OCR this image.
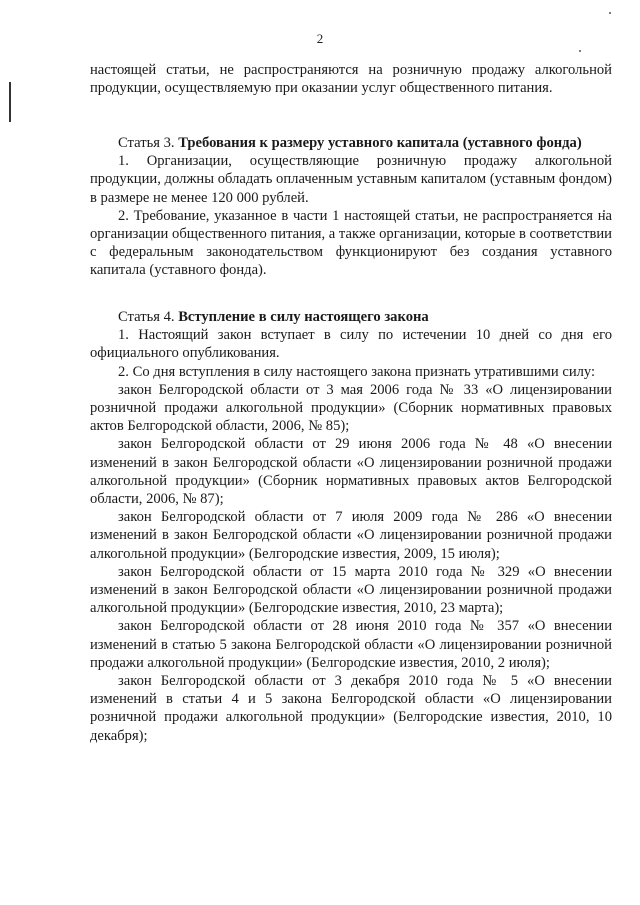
2

настоящей статьи, не распространяются на розничную продажу алкогольной продукции, осуществляемую при оказании услуг общественного питания.

Статья 3. Требования к размеру уставного капитала (уставного фонда)

1. Организации, осуществляющие розничную продажу алкогольной продукции, должны обладать оплаченным уставным капиталом (уставным фондом) в размере не менее 120 000 рублей.

2. Требование, указанное в части 1 настоящей статьи, не распространяется на организации общественного питания, а также организации, которые в соответствии с федеральным законодательством функционируют без создания уставного капитала (уставного фонда).

Статья 4. Вступление в силу настоящего закона

1. Настоящий закон вступает в силу по истечении 10 дней со дня его официального опубликования.

2. Со дня вступления в силу настоящего закона признать утратившими силу:

закон Белгородской области от 3 мая 2006 года № 33 «О лицензировании розничной продажи алкогольной продукции» (Сборник нормативных правовых актов Белгородской области, 2006, № 85);

закон Белгородской области от 29 июня 2006 года № 48 «О внесении изменений в закон Белгородской области «О лицензировании розничной продажи алкогольной продукции» (Сборник нормативных правовых актов Белгородской области, 2006, № 87);

закон Белгородской области от 7 июля 2009 года № 286 «О внесении изменений в закон Белгородской области «О лицензировании розничной продажи алкогольной продукции» (Белгородские известия, 2009, 15 июля);

закон Белгородской области от 15 марта 2010 года № 329 «О внесении изменений в закон Белгородской области «О лицензировании розничной продажи алкогольной продукции» (Белгородские известия, 2010, 23 марта);

закон Белгородской области от 28 июня 2010 года № 357 «О внесении изменений в статью 5 закона Белгородской области «О лицензировании розничной продажи алкогольной продукции» (Белгородские известия, 2010, 2 июля);

закон Белгородской области от 3 декабря 2010 года № 5 «О внесении изменений в статьи 4 и 5 закона Белгородской области «О лицензировании розничной продажи алкогольной продукции» (Белгородские известия, 2010, 10 декабря);
